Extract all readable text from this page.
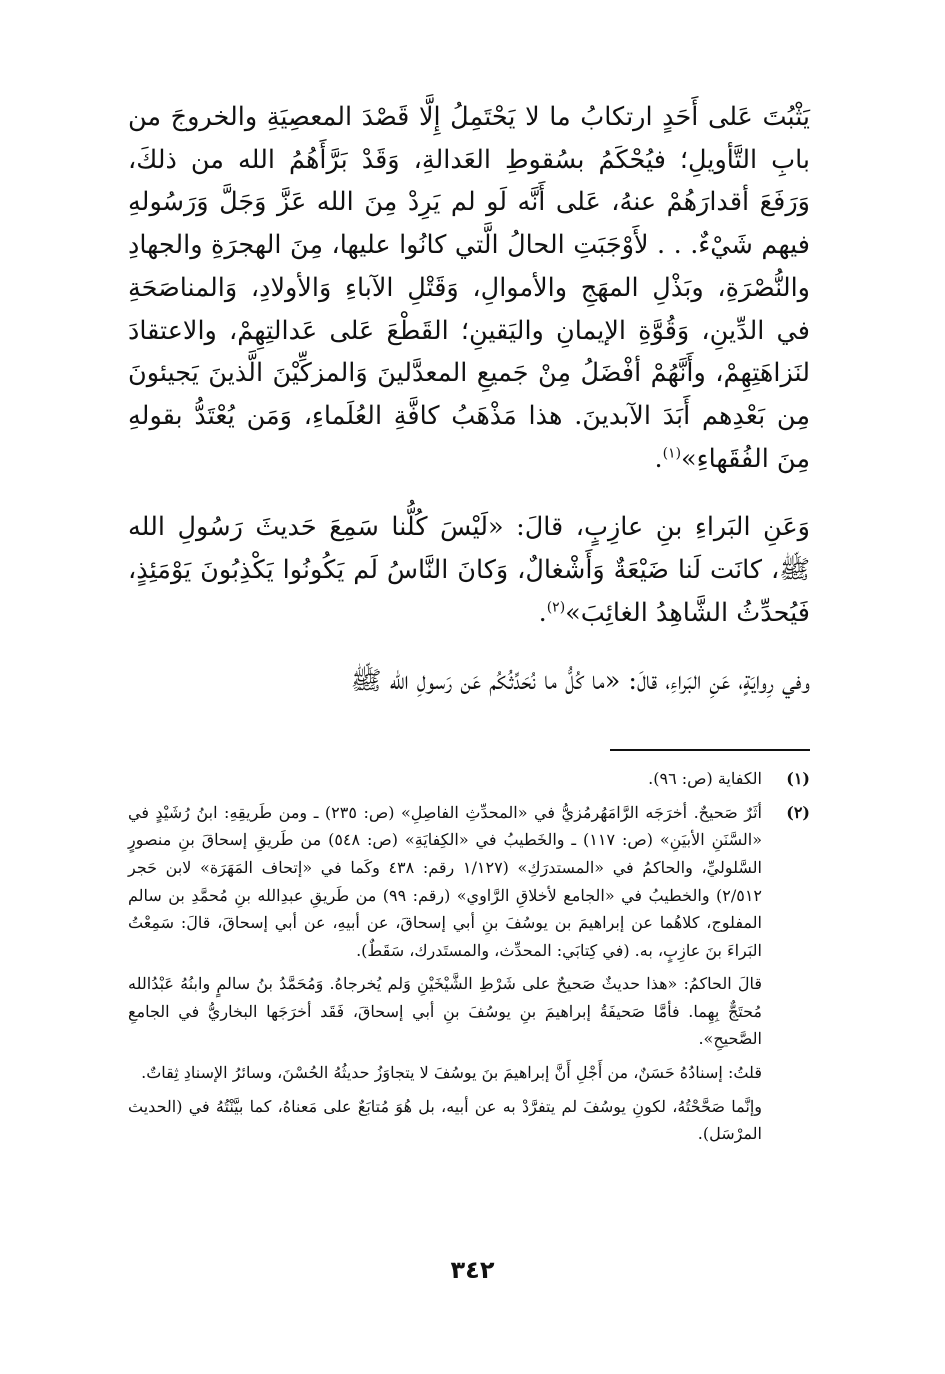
يَثْبُتَ عَلى أَحَدٍ ارتكابُ ما لا يَحْتَمِلُ إِلَّا قَصْدَ المعصِيَةِ والخروجَ من بابِ التَّأويلِ؛ فيُحْكَمُ بسُقوطِ العَدالةِ، وَقَدْ بَرَّأَهُمُ الله من ذلكَ، وَرَفَعَ أقدارَهُمْ عنهُ، عَلى أَنَّه لَو لم يَرِدْ مِنَ الله عَزَّ وَجَلَّ وَرَسُولهِ فيهم شَيْءٌ. . . لأَوْجَبَتِ الحالُ الَّتي كانُوا عليها، مِنَ الهجرَةِ والجهادِ والنُّصْرَةِ، وبَذْلِ المهَجِ والأموالِ، وَقَتْلِ الآباءِ وَالأولادِ، وَالمناصَحَةِ في الدِّينِ، وَقُوَّةِ الإيمانِ واليَقينِ؛ القَطْعَ عَلى عَدالتِهِمْ، والاعتقادَ لنَزاهَتِهِمْ، وأَنَّهُمْ أفْضَلُ مِنْ جَميعِ المعدَّلينَ وَالمزكِّيْنَ الَّذينَ يَجيئونَ مِن بَعْدِهم أَبَدَ الآبدينَ. هذا مَذْهَبُ كافَّةِ العُلَماءِ، وَمَن يُعْتَدُّ بقولهِ مِنَ الفُقَهاءِ»$^{(١)}$.

وَعَنِ البَراءِ بنِ عازِبٍ، قالَ: «لَيْسَ كُلُّنا سَمِعَ حَديثَ رَسُولِ الله ﷺ، كانَت لَنا ضَيْعَةٌ وَأَشْغالٌ، وَكانَ النَّاسُ لَم يَكُونُوا يَكْذِبُونَ يَوْمَئِذٍ، فَيُحدِّثُ الشَّاهِدُ الغائِبَ»$^{(٢)}$.

وفي رِوايَةٍ، عَنِ البَراءِ، قالَ: «ما كُلُّ ما نُحَدِّثُكُم عَن رَسولِ الله ﷺ

(١)

الكفاية (ص: ٩٦).

(٢)

أثَرٌ صَحيحٌ. أخرَجَه الرَّامَهُرمُزيُّ في «المحدِّثِ الفاصِلِ» (ص: ٢٣٥) ـ ومن طَريقِهِ: ابنُ رُشَيْدٍ في «السَّنَنِ الأبيَنِ» (ص: ١١٧) ـ والخَطيبُ في «الكِفايَةِ» (ص: ٥٤٨) من طَريقِ إسحاقَ بنِ منصورٍ السَّلوليِّ، والحاكمُ في «المستدرَكِ» (١/١٢٧ رقم: ٤٣٨ وكَما في «إتحاف المَهَرَة» لابن حَجر ٢/٥١٢) والخطيبُ في «الجامع لأخلاقِ الرَّاوي» (رقم: ٩٩) من طَريقِ عبدِالله بنِ مُحمَّدِ بن سالم المفلوج، كلاهُما عن إبراهيمَ بن يوسُفَ بنِ أبي إسحاقَ، عن أبيهِ، عن أبي إسحاقَ، قالَ: سَمِعْتُ البَراءَ بنَ عازِبٍ، به. (في كِتابَي: المحدِّث، والمستَدرك، سَقَطٌ).

قالَ الحاكمُ: «هذا حديثٌ صَحيحٌ على شَرْطِ الشَّيْخَيْنِ وَلم يُخرجاهُ. وَمُحَمَّدُ بنُ سالمٍ وابنُهُ عَبْدُالله مُحتَجٌّ بِهِما. فأمَّا صَحيفَةُ إبراهيمَ بنِ يوسُفَ بنِ أبي إسحاقَ، فَقَد أخرَجَها البخاريُّ في الجامعِ الصَّحيحِ».

قلتُ: إسنادُهُ حَسَنٌ، من أَجْلِ أَنَّ إبراهيمَ بنَ يوسُفَ لا يتجاوَزُ حديثُهُ الحُسْنَ، وسائرُ الإسنادِ ثِقاتٌ.

وإنَّما صَحَّحْتُهُ، لكونِ يوسُفَ لم يتفرَّدْ به عن أبيه، بل هُوَ مُتابَعٌ على مَعناهُ، كما بيَّنْتُهُ في (الحديث المرْسَل).

٣٤٢
